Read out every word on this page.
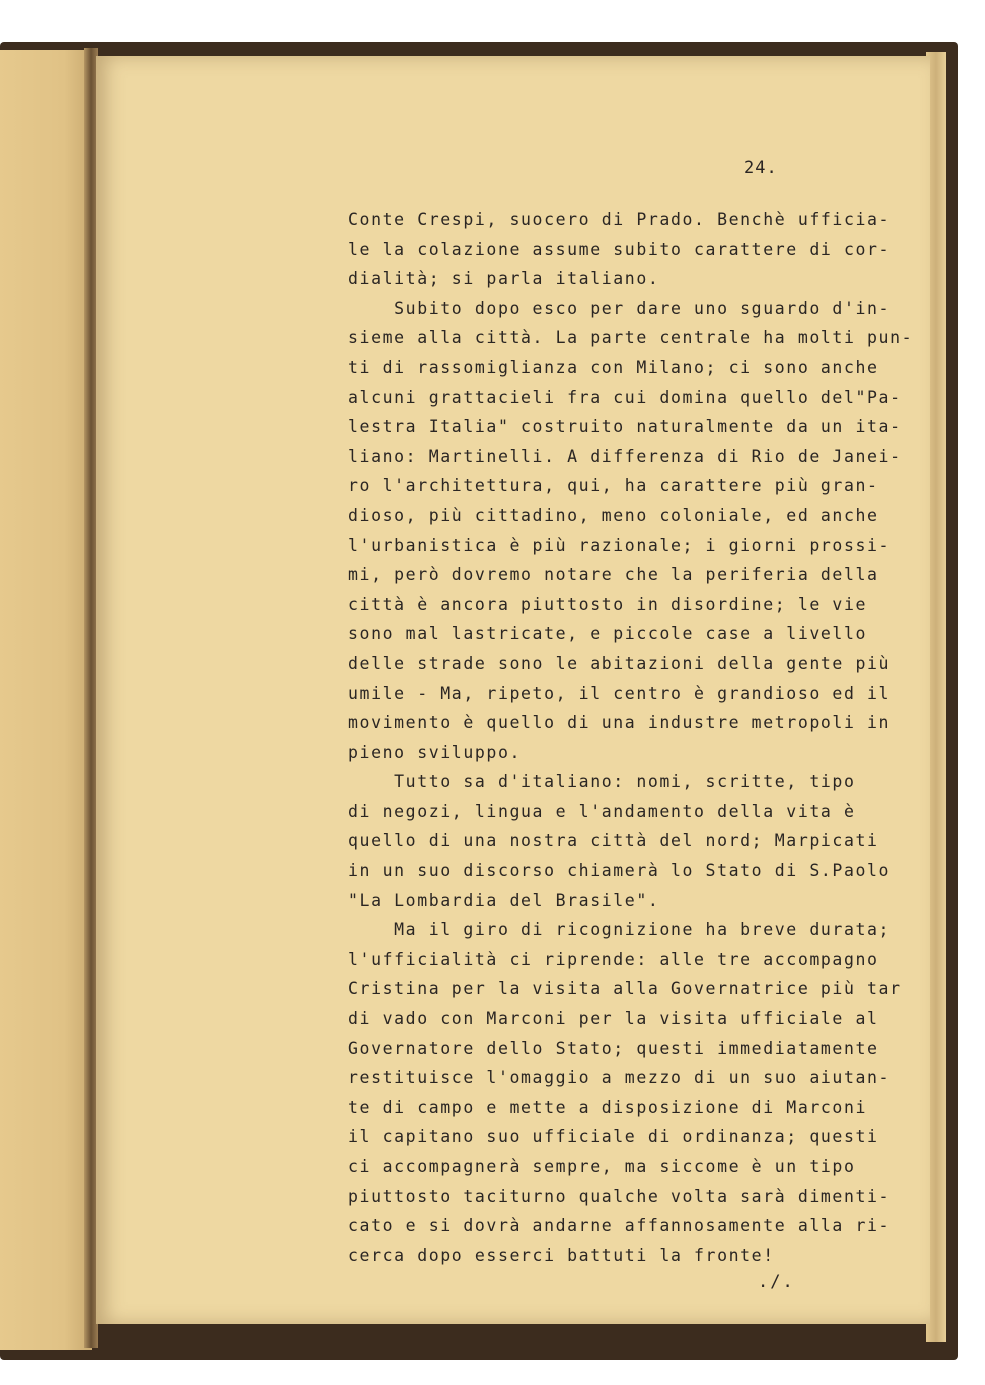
24.
Conte Crespi, suocero di Prado. Benchè ufficia-
le la colazione assume subito carattere di cor-
dialità; si parla italiano.
Subito dopo esco per dare uno sguardo d'in-
sieme alla città. La parte centrale ha molti pun-
ti di rassomiglianza con Milano; ci sono anche
alcuni grattacieli fra cui domina quello del"Pa-
lestra Italia" costruito naturalmente da un ita-
liano: Martinelli. A differenza di Rio de Janei-
ro l'architettura, qui, ha carattere più gran-
dioso, più cittadino, meno coloniale, ed anche
l'urbanistica è più razionale; i giorni prossi-
mi, però dovremo notare che la periferia della
città è ancora piuttosto in disordine; le vie
sono mal lastricate, e piccole case a livello
delle strade sono le abitazioni della gente più
umile - Ma, ripeto, il centro è grandioso ed il
movimento è quello di una industre metropoli in
pieno sviluppo.
Tutto sa d'italiano: nomi, scritte, tipo
di negozi, lingua e l'andamento della vita è
quello di una nostra città del nord; Marpicati
in un suo discorso chiamerà lo Stato di S.Paolo
"La Lombardia del Brasile".
Ma il giro di ricognizione ha breve durata;
l'ufficialità ci riprende: alle tre accompagno
Cristina per la visita alla Governatrice più tar
di vado con Marconi per la visita ufficiale al
Governatore dello Stato; questi immediatamente
restituisce l'omaggio a mezzo di un suo aiutan-
te di campo e mette a disposizione di Marconi
il capitano suo ufficiale di ordinanza; questi
ci accompagnerà sempre, ma siccome è un tipo
piuttosto taciturno qualche volta sarà dimenti-
cato e si dovrà andarne affannosamente alla ri-
cerca dopo esserci battuti la fronte!
./.
